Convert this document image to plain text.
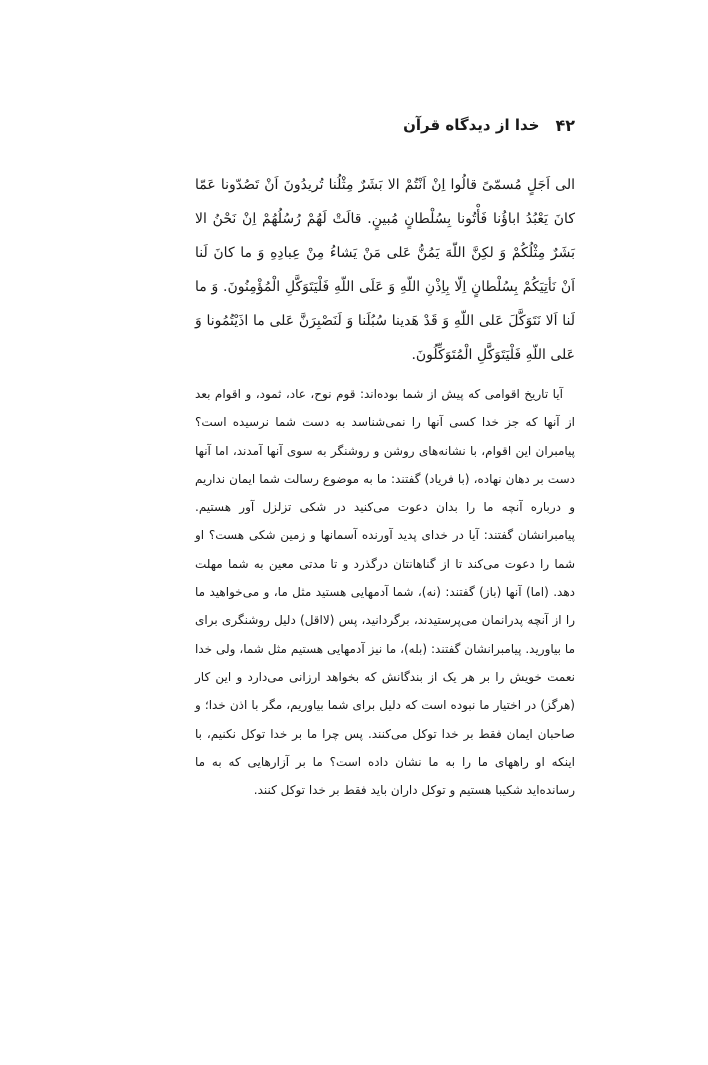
۴۲
خدا از دیدگاه قرآن

الی اَجَلٍ مُسمّیً قالُوا اِنْ اَنْتُمْ الا بَشَرٌ مِثْلُنا تُریدُونَ اَنْ تَصُدّونا عَمّا کانَ یَعْبُدُ اباؤُنا فَأْتُونا بِسُلْطانٍ مُبینٍ. قالَتْ لَهُمْ رُسُلُهُمْ اِنْ نَحْنُ الا بَشَرٌ مِثْلُکُمْ وَ لکِنَّ اللّهَ یَمُنُّ عَلی مَنْ یَشاءُ مِنْ عِبادِهِ وَ ما کانَ لَنا اَنْ نَأتِیَکُمْ بِسُلْطانٍ اِلّا بِاِذْنِ اللّهِ وَ عَلَی اللّهِ فَلْیَتَوَکَّلِ الْمُؤْمِنُونَ. وَ ما لَنا اَلا نَتَوَکَّلَ عَلی اللّهِ وَ قَدْ هَدینا سُبُلَنا وَ لَنَصْبِرَنَّ عَلی ما اذَیْتُمُونا وَ عَلی اللّهِ فَلْیَتَوَکَّلِ الْمُتَوَکِّلُونَ.

آیا تاریخ اقوامی که پیش از شما بوده‌اند: قوم نوح، عاد، ثمود، و اقوام بعد از آنها که جز خدا کسی آنها را نمی‌شناسد به دست شما نرسیده است؟ پیامبران این اقوام، با نشانه‌های روشن و روشنگر به سوی آنها آمدند، اما آنها دست بر دهان نهاده، (با فریاد) گفتند: ما به موضوع رسالت شما ایمان نداریم و درباره آنچه ما را بدان دعوت می‌کنید در شکی تزلزل آور هستیم. پیامبرانشان گفتند: آیا در خدای پدید آورنده آسمانها و زمین شکی هست؟ او شما را دعوت می‌کند تا از گناهانتان درگذرد و تا مدتی معین به شما مهلت دهد. (اما) آنها (باز) گفتند: (نه)، شما آدمهایی هستید مثل ما، و می‌خواهید ما را از آنچه پدرانمان می‌پرستیدند، برگردانید، پس (لااقل) دلیل روشنگری برای ما بیاورید. پیامبرانشان گفتند: (بله)، ما نیز آدمهایی هستیم مثل شما، ولی خدا نعمت خویش را بر هر یک از بندگانش که بخواهد ارزانی می‌دارد و این کار (هرگز) در اختیار ما نبوده است که دلیل برای شما بیاوریم، مگر با اذن خدا؛ و صاحبان ایمان فقط بر خدا توکل می‌کنند. پس چرا ما بر خدا توکل نکنیم، با اینکه او راههای ما را به ما نشان داده است؟ ما بر آزارهایی که به ما رسانده‌اید شکیبا هستیم و توکل داران باید فقط بر خدا توکل کنند.
